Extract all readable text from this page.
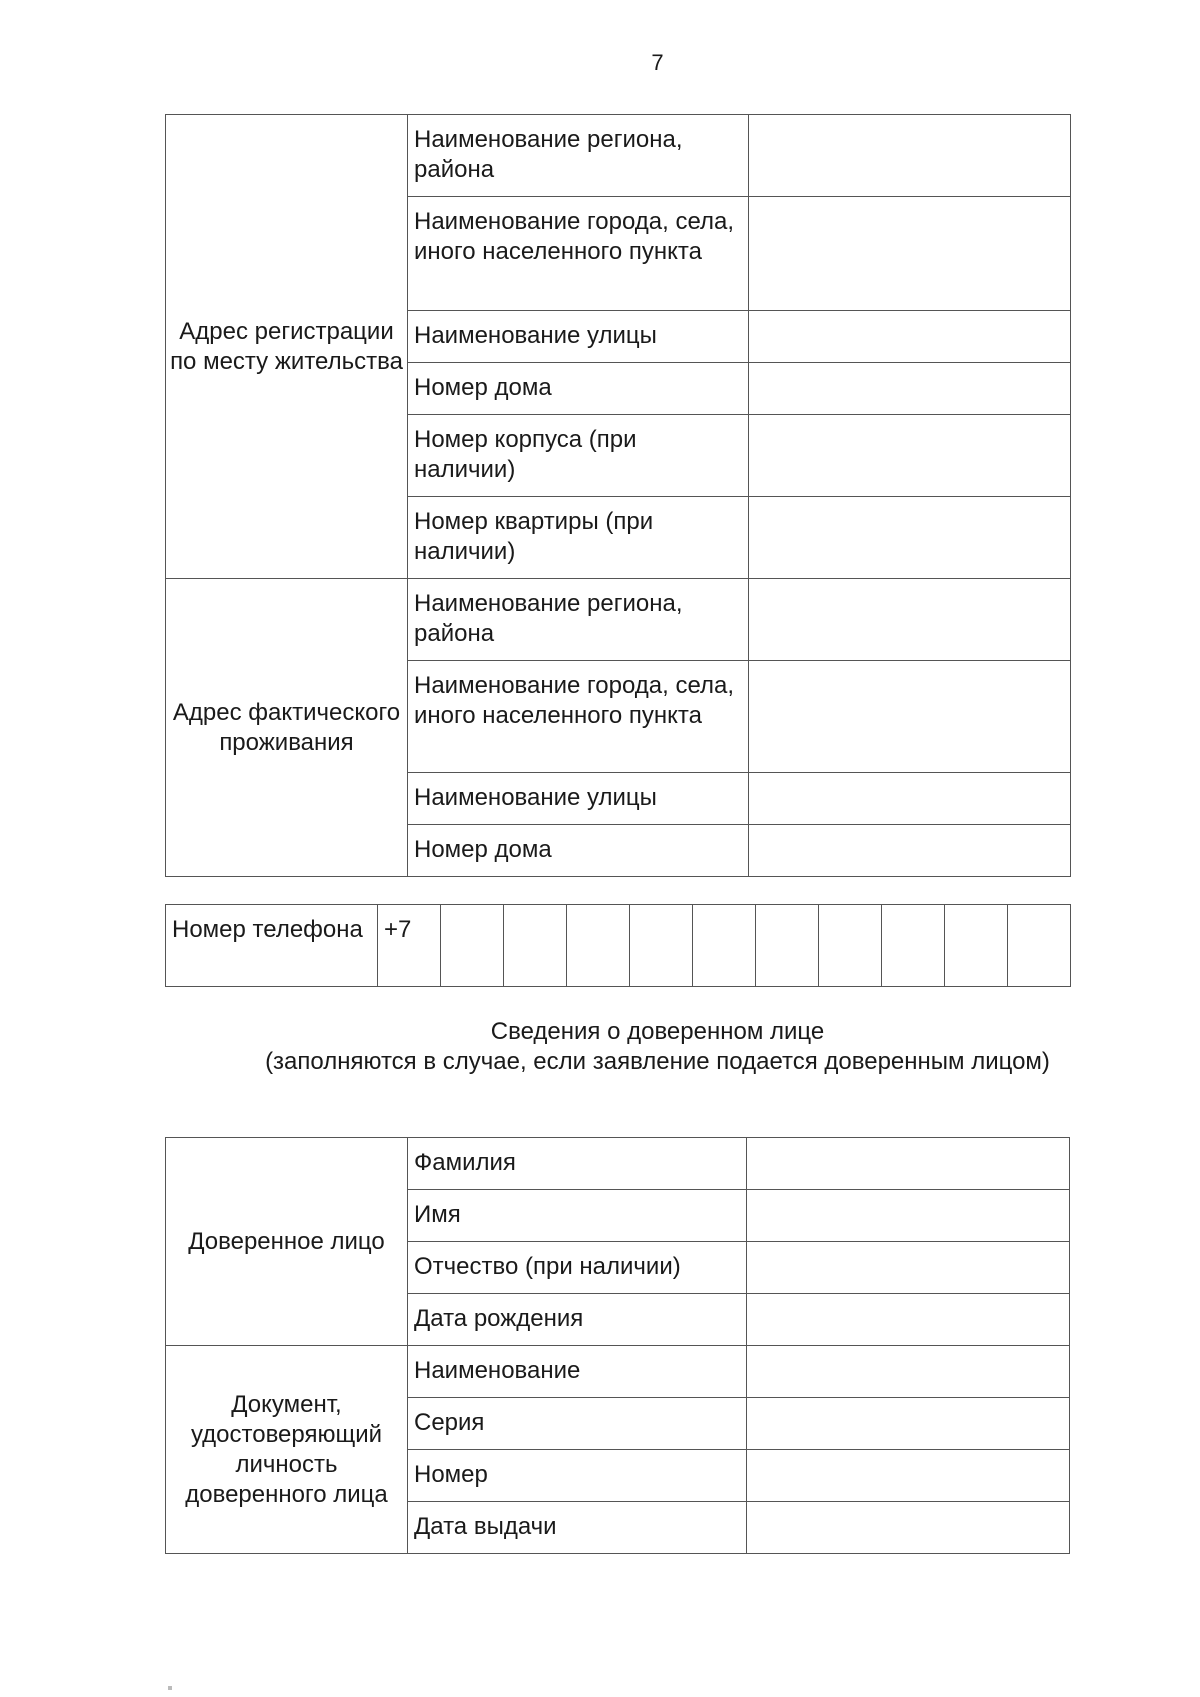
7
Адрес регистрации по месту жительства	Наименование региона, района	
	Наименование города, села, иного населенного пункта	
	Наименование улицы	
	Номер дома	
	Номер корпуса (при наличии)	
	Номер квартиры (при наличии)	
Адрес фактического проживания	Наименование региона, района	
	Наименование города, села, иного населенного пункта	
	Наименование улицы	
	Номер дома	
Номер телефона	+7										
Сведения о доверенном лице
(заполняются в случае, если заявление подается доверенным лицом)
Доверенное лицо	Фамилия	
	Имя	
	Отчество (при наличии)	
	Дата рождения	
Документ, удостоверяющий личность доверенного лица	Наименование	
	Серия	
	Номер	
	Дата выдачи	
